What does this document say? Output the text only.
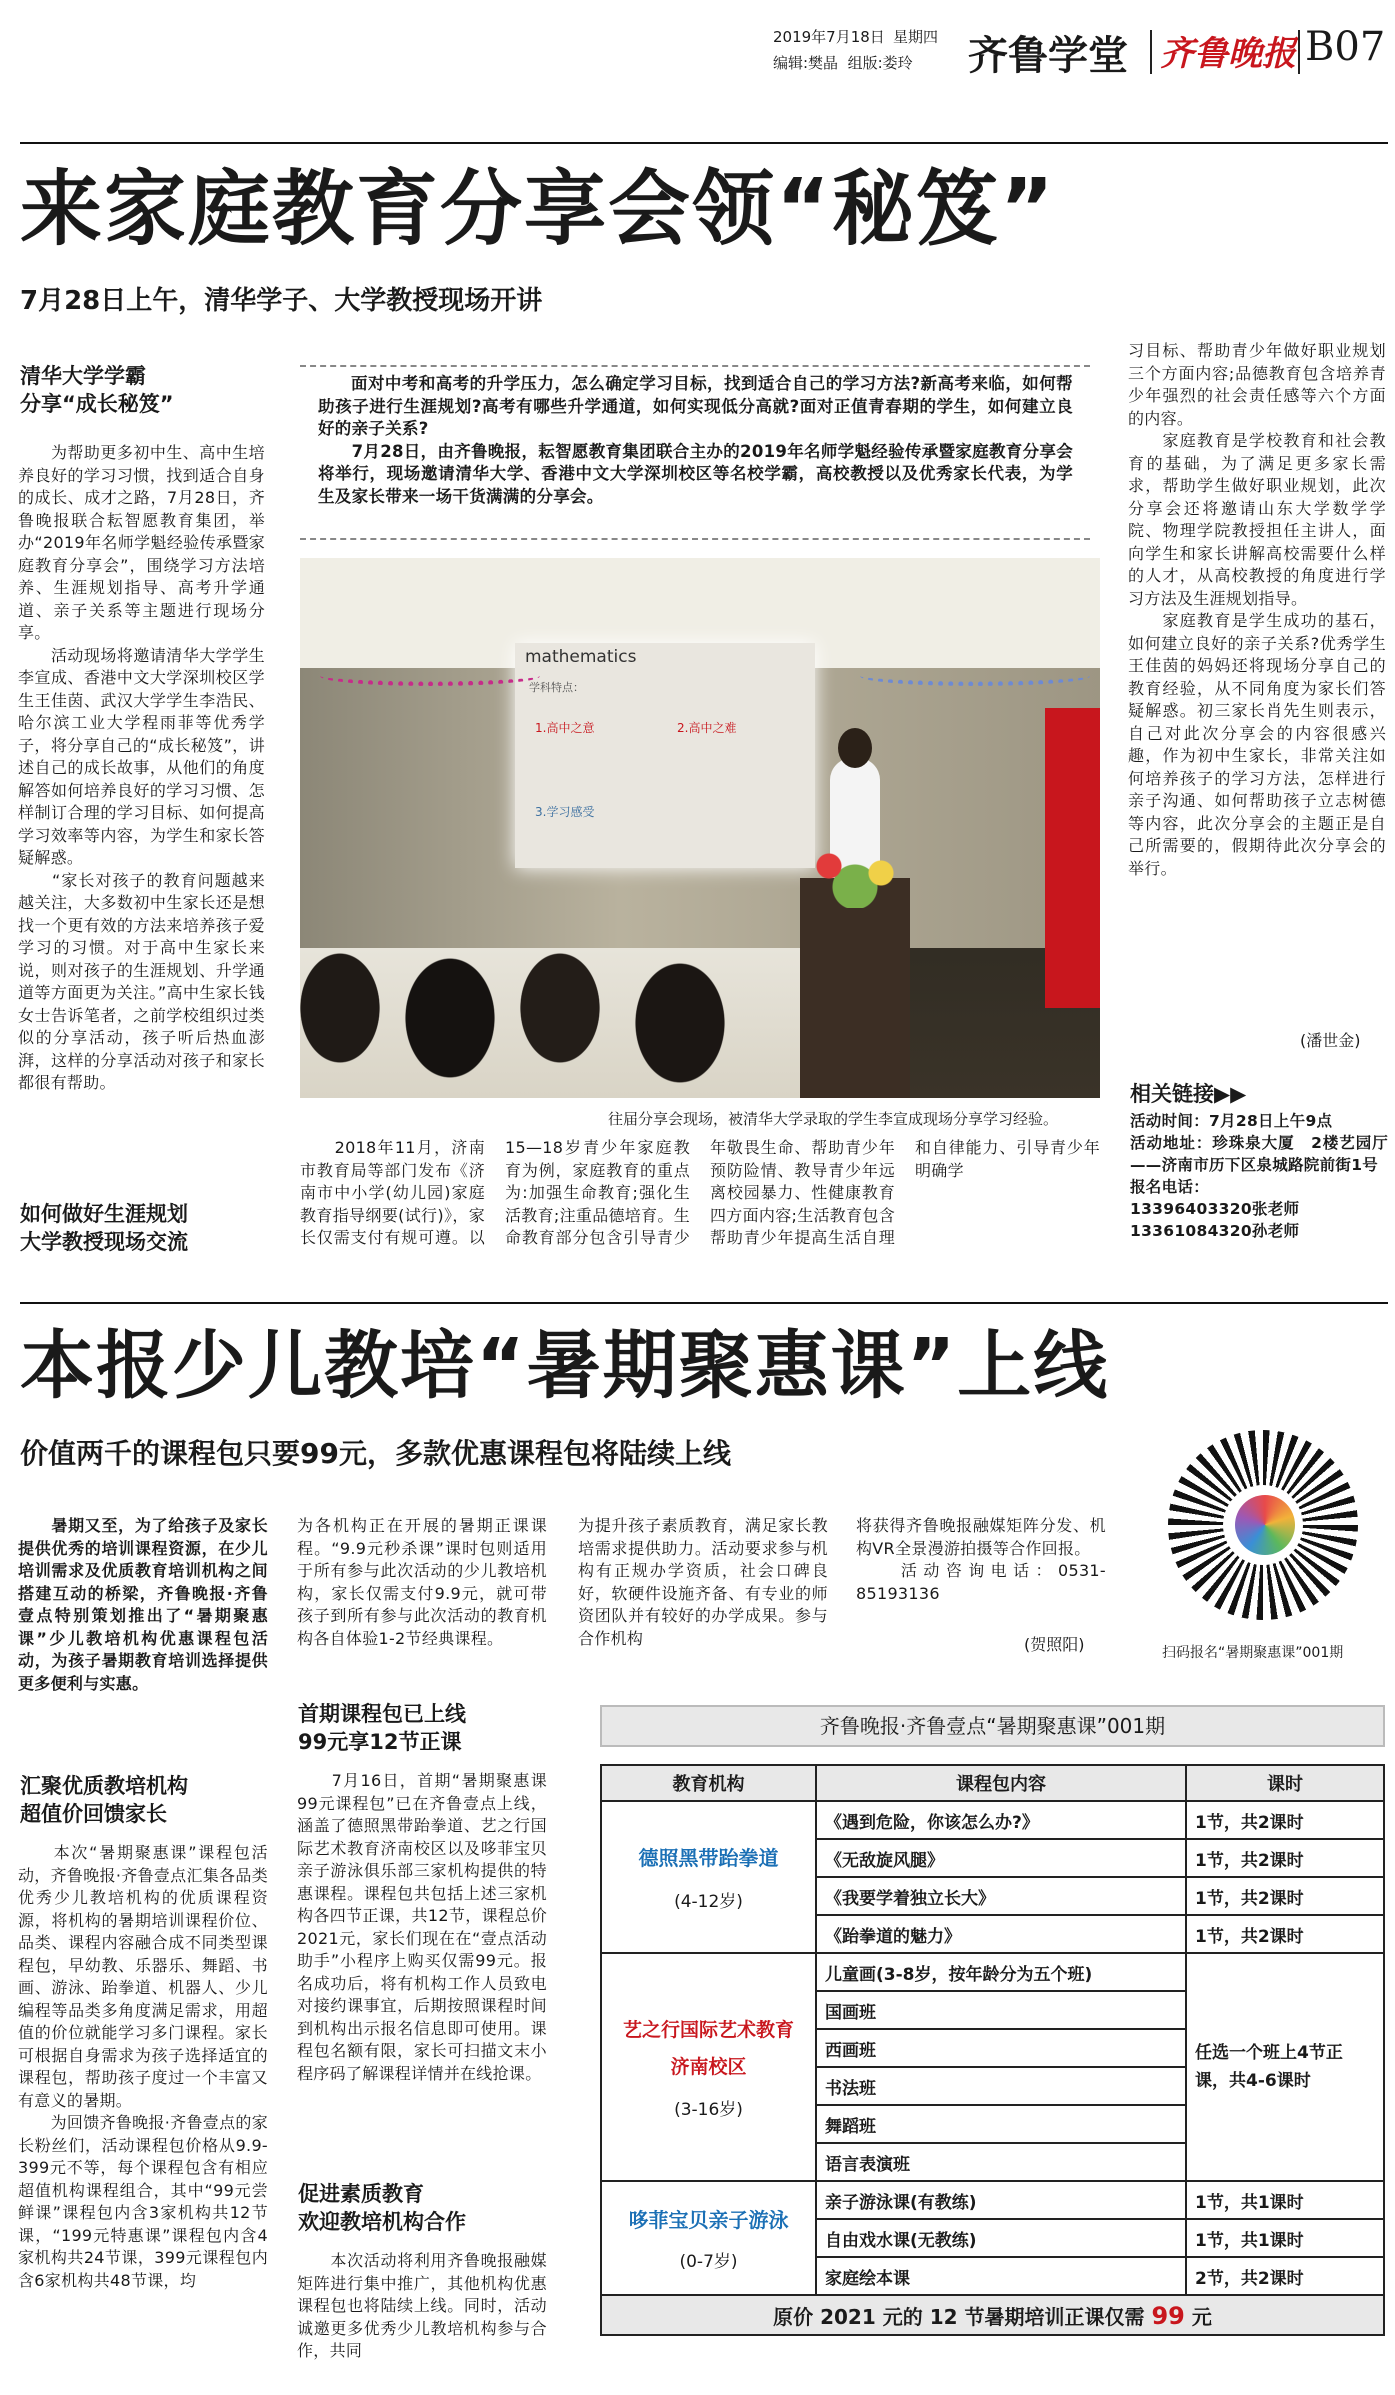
2019年7月18日 星期四
编辑:樊晶  组版:娄玲 齐鲁学堂 齐鲁晚报 B07
来家庭教育分享会领“秘笈”
7月28日上午，清华学子、大学教授现场开讲
清华大学学霸
分享“成长秘笈”
　　为帮助更多初中生、高中生培养良好的学习习惯，找到适合自身的成长、成才之路，7月28日，齐鲁晚报联合耘智愿教育集团，举办“2019年名师学魁经验传承暨家庭教育分享会”，围绕学习方法培养、生涯规划指导、高考升学通道、亲子关系等主题进行现场分享。
　　活动现场将邀请清华大学学生李宣成、香港中文大学深圳校区学生王佳茵、武汉大学学生李浩民、哈尔滨工业大学程雨菲等优秀学子，将分享自己的“成长秘笈”，讲述自己的成长故事，从他们的角度解答如何培养良好的学习习惯、怎样制订合理的学习目标、如何提高学习效率等内容，为学生和家长答疑解惑。
　　“家长对孩子的教育问题越来越关注，大多数初中生家长还是想找一个更有效的方法来培养孩子爱学习的习惯。对于高中生家长来说，则对孩子的生涯规划、升学通道等方面更为关注。”高中生家长钱女士告诉笔者，之前学校组织过类似的分享活动，孩子听后热血澎湃，这样的分享活动对孩子和家长都很有帮助。
如何做好生涯规划
大学教授现场交流
面对中考和高考的升学压力，怎么确定学习目标，找到适合自己的学习方法?新高考来临，如何帮助孩子进行生涯规划?高考有哪些升学通道，如何实现低分高就?面对正值青春期的学生，如何建立良好的亲子关系?
　　7月28日，由齐鲁晚报，耘智愿教育集团联合主办的2019年名师学魁经验传承暨家庭教育分享会将举行，现场邀请清华大学、香港中文大学深圳校区等名校学霸，高校教授以及优秀家长代表，为学生及家长带来一场干货满满的分享会。
mathematics
学科特点：
1.高中之意	2.高中之难
3.学习感受
往届分享会现场，被清华大学录取的学生李宣成现场分享学习经验。
　　2018年11月，济南市教育局等部门发布《济南市中小学(幼儿园)家庭教育指导纲要(试行)》，家长仅需支付有规可遵。以15—18岁青少年家庭教育为例，家庭教育的重点为:加强生命教育;强化生活教育;注重品德培育。生命教育部分包含引导青少年敬畏生命、帮助青少年预防险情、教导青少年远离校园暴力、性健康教育四方面内容;生活教育包含帮助青少年提高生活自理和自律能力、引导青少年明确学
习目标、帮助青少年做好职业规划三个方面内容;品德教育包含培养青少年强烈的社会责任感等六个方面的内容。
　　家庭教育是学校教育和社会教育的基础，为了满足更多家长需求，帮助学生做好职业规划，此次分享会还将邀请山东大学数学学院、物理学院教授担任主讲人，面向学生和家长讲解高校需要什么样的人才，从高校教授的角度进行学习方法及生涯规划指导。
　　家庭教育是学生成功的基石，如何建立良好的亲子关系?优秀学生王佳茵的妈妈还将现场分享自己的教育经验，从不同角度为家长们答疑解惑。初三家长肖先生则表示，自己对此次分享会的内容很感兴趣，作为初中生家长，非常关注如何培养孩子的学习方法，怎样进行亲子沟通、如何帮助孩子立志树德等内容，此次分享会的主题正是自己所需要的，假期待此次分享会的举行。
(潘世金)
相关链接▶▶
活动时间：7月28日上午9点
活动地址：珍珠泉大厦　2楼艺园厅——济南市历下区泉城路院前街1号
报名电话：
13396403320张老师
13361084320孙老师
本报少儿教培“暑期聚惠课”上线
价值两千的课程包只要99元，多款优惠课程包将陆续上线
扫码报名“暑期聚惠课”001期
　　暑期又至，为了给孩子及家长提供优秀的培训课程资源，在少儿培训需求及优质教育培训机构之间搭建互动的桥梁，齐鲁晚报·齐鲁壹点特别策划推出了“暑期聚惠课”少儿教培机构优惠课程包活动，为孩子暑期教育培训选择提供更多便利与实惠。
汇聚优质教培机构
超值价回馈家长
　　本次“暑期聚惠课”课程包活动，齐鲁晚报·齐鲁壹点汇集各品类优秀少儿教培机构的优质课程资源，将机构的暑期培训课程价位、品类、课程内容融合成不同类型课程包，早幼教、乐器乐、舞蹈、书画、游泳、跆拳道、机器人、少儿编程等品类多角度满足需求，用超值的价位就能学习多门课程。家长可根据自身需求为孩子选择适宜的课程包，帮助孩子度过一个丰富又有意义的暑期。
　　为回馈齐鲁晚报·齐鲁壹点的家长粉丝们，活动课程包价格从9.9-399元不等，每个课程包含有相应超值机构课程组合，其中“99元尝鲜课”课程包内含3家机构共12节课，“199元特惠课”课程包内含4家机构共24节课，399元课程包内含6家机构共48节课，均
为各机构正在开展的暑期正课课程。“9.9元秒杀课”课时包则适用于所有参与此次活动的少儿教培机构，家长仅需支付9.9元，就可带孩子到所有参与此次活动的教育机构各自体验1-2节经典课程。
首期课程包已上线
99元享12节正课
　　7月16日，首期“暑期聚惠课99元课程包”已在齐鲁壹点上线，涵盖了德照黑带跆拳道、艺之行国际艺术教育济南校区以及哆菲宝贝亲子游泳俱乐部三家机构提供的特惠课程。课程包共包括上述三家机构各四节正课，共12节，课程总价2021元，家长们现在在“壹点活动助手”小程序上购买仅需99元。报名成功后，将有机构工作人员致电对接约课事宜，后期按照课程时间到机构出示报名信息即可使用。课程包名额有限，家长可扫描文末小程序码了解课程详情并在线抢课。
促进素质教育
欢迎教培机构合作
　　本次活动将利用齐鲁晚报融媒矩阵进行集中推广，其他机构优惠课程包也将陆续上线。同时，活动诚邀更多优秀少儿教培机构参与合作，共同
为提升孩子素质教育，满足家长教培需求提供助力。活动要求参与机构有正规办学资质，社会口碑良好，软硬件设施齐备、有专业的师资团队并有较好的办学成果。参与合作机构
将获得齐鲁晚报融媒矩阵分发、机构VR全景漫游拍摄等合作回报。
　　活动咨询电话：0531-85193136
(贺照阳)
齐鲁晚报·齐鲁壹点“暑期聚惠课”001期
教育机构	课程包内容	课时

德照黑带跆拳道
(4-12岁)	《遇到危险，你该怎么办?》	1节，共2课时
	《无敌旋风腿》	1节，共2课时
	《我要学着独立长大》	1节，共2课时
	《跆拳道的魅力》	1节，共2课时

艺之行国际艺术教育
济南校区
(3-16岁)	儿童画(3-8岁，按年龄分为五个班)	任选一个班上4节正课，共4-6课时
	国画班	
	西画班	
	书法班	
	舞蹈班	
	语言表演班	

哆菲宝贝亲子游泳
(0-7岁)	亲子游泳课(有教练)	1节，共1课时
	自由戏水课(无教练)	1节，共1课时
	家庭绘本课	2节，共2课时
原价 2021 元的 12 节暑期培训正课仅需 99 元		
